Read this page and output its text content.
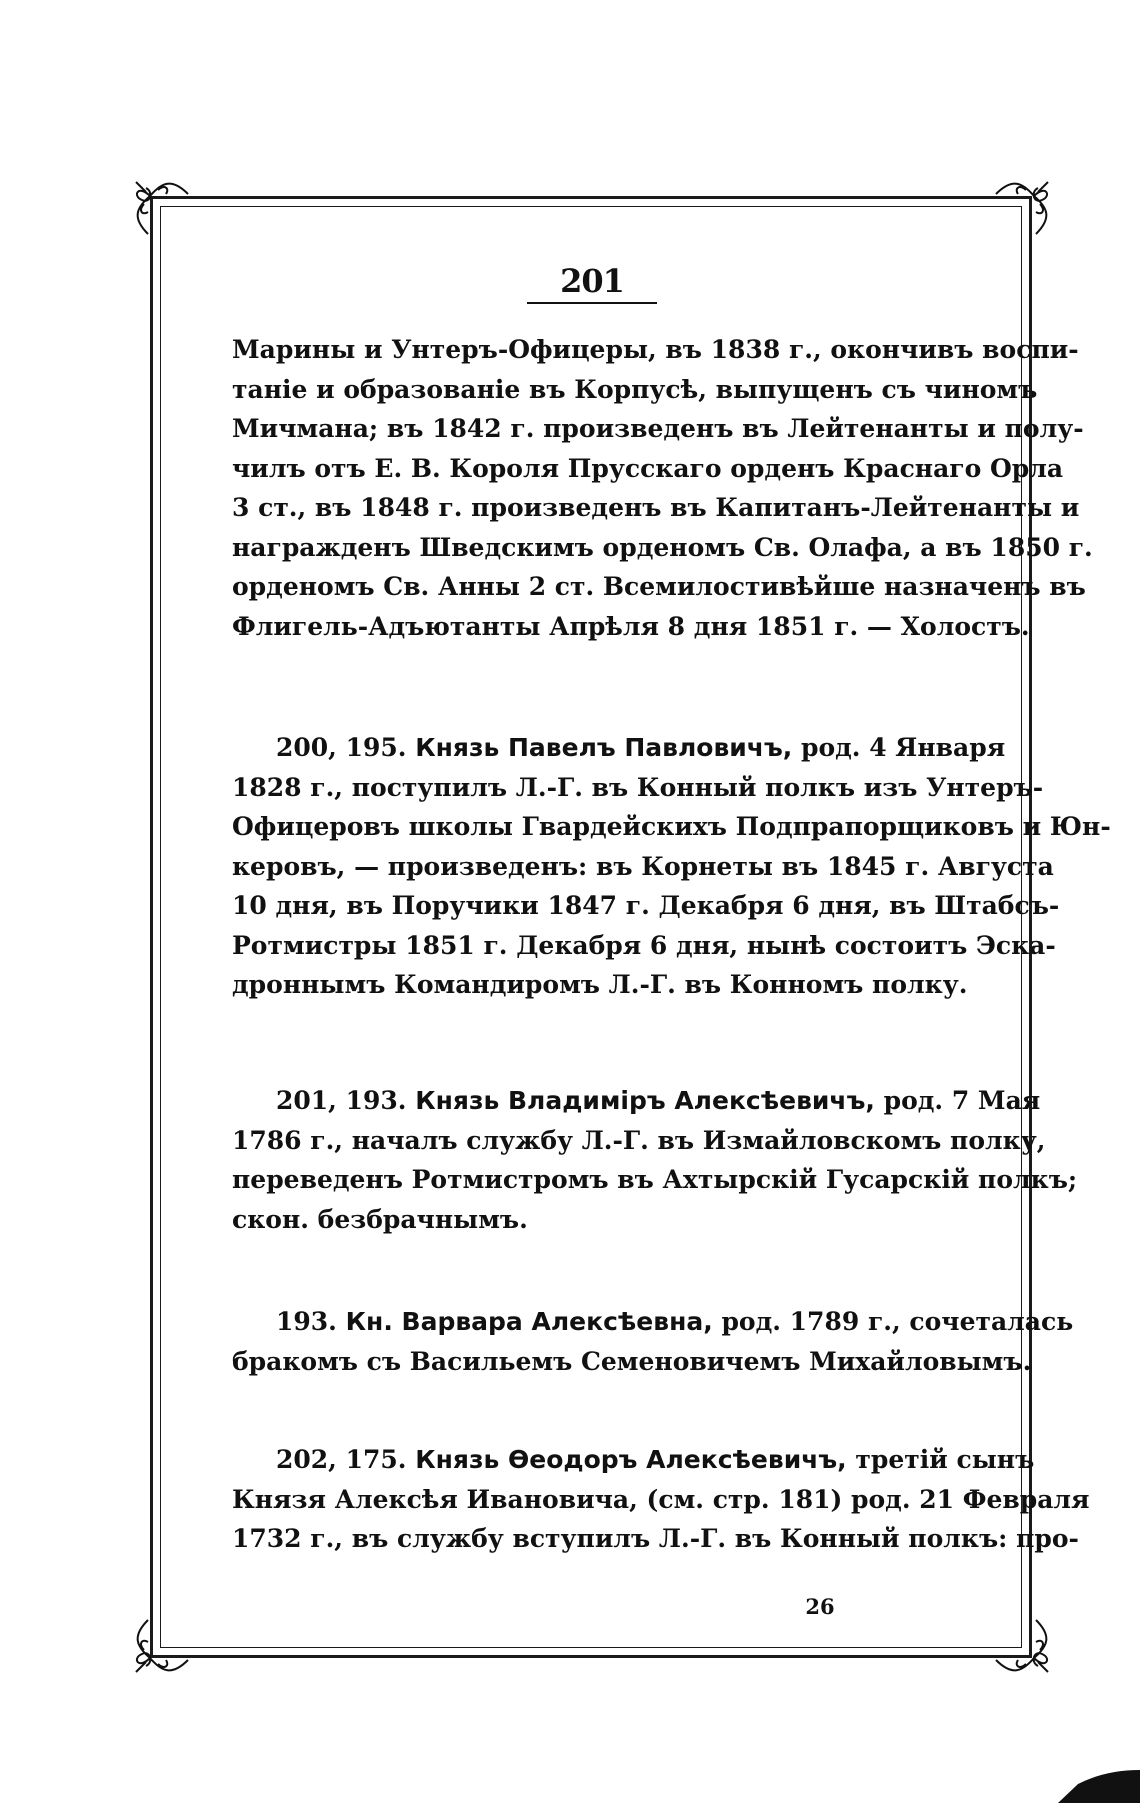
201
Марины и Унтеръ-Офицеры, въ 1838 г., окончивъ воспи-
таніе и образованіе въ Корпусѣ, выпущенъ съ чиномъ
Мичмана; въ 1842 г. произведенъ въ Лейтенанты и полу-
чилъ отъ Е. В. Короля Прусскаго орденъ Краснаго Орла
3 ст., въ 1848 г. произведенъ въ Капитанъ-Лейтенанты и
награжденъ Шведскимъ орденомъ Св. Олафа, а въ 1850 г.
орденомъ Св. Анны 2 ст. Всемилостивѣйше назначенъ въ
Флигель-Адъютанты Апрѣля 8 дня 1851 г. — Холостъ.
200, 195. Князь Павелъ Павловичъ, род. 4 Января
1828 г., поступилъ Л.-Г. въ Конный полкъ изъ Унтеръ-
Офицеровъ школы Гвардейскихъ Подпрапорщиковъ и Юн-
керовъ, — произведенъ: въ Корнеты въ 1845 г. Августа
10 дня, въ Поручики 1847 г. Декабря 6 дня, въ Штабсъ-
Ротмистры 1851 г. Декабря 6 дня, нынѣ состоитъ Эска-
дроннымъ Командиромъ Л.-Г. въ Конномъ полку.
201, 193. Князь Владиміръ Алексѣевичъ, род. 7 Мая
1786 г., началъ службу Л.-Г. въ Измайловскомъ полку,
переведенъ Ротмистромъ въ Ахтырскій Гусарскій полкъ;
скон. безбрачнымъ.
193. Кн. Варвара Алексѣевна, род. 1789 г., сочеталась
бракомъ съ Васильемъ Семеновичемъ Михайловымъ.
202, 175. Князь Ѳеодоръ Алексѣевичъ, третій сынъ
Князя Алексѣя Ивановича, (см. стр. 181) род. 21 Февраля
1732 г., въ службу вступилъ Л.-Г. въ Конный полкъ: про-
26
